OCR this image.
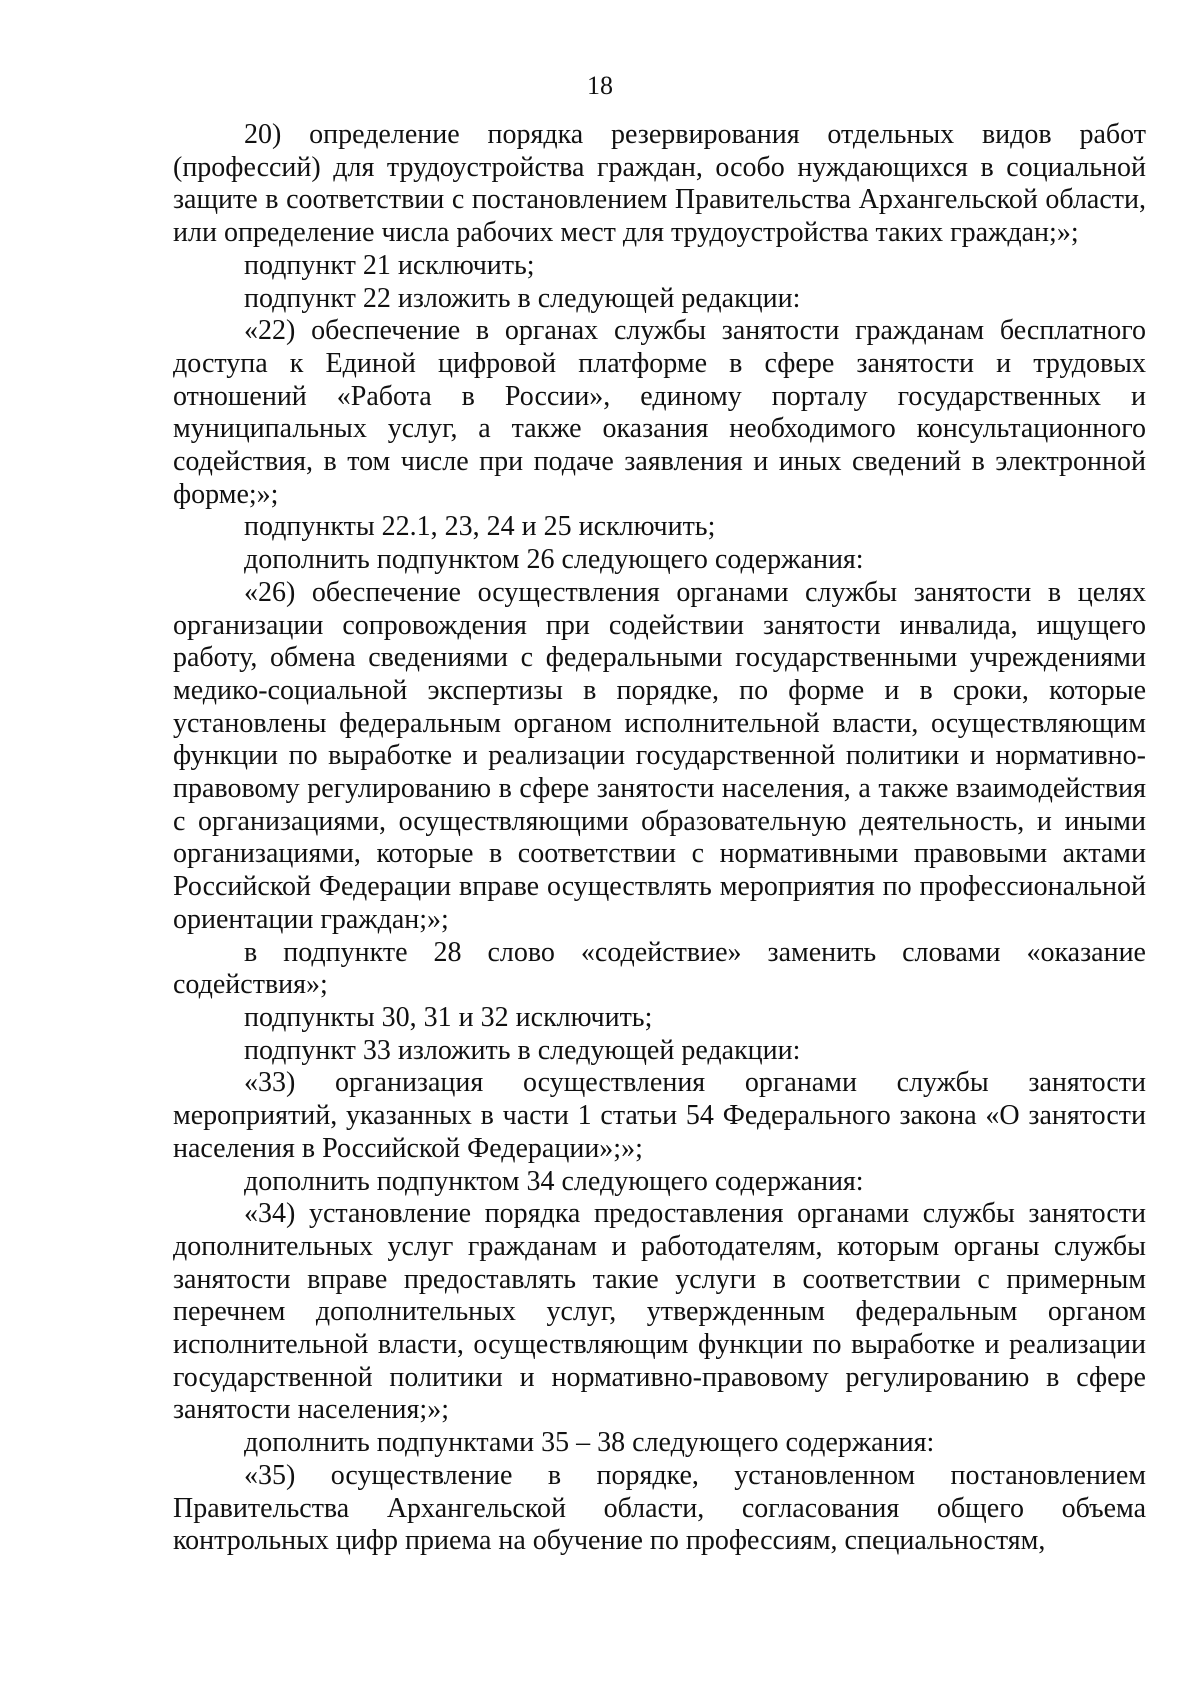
18

20) определение порядка резервирования отдельных видов работ (профессий) для трудоустройства граждан, особо нуждающихся в социальной защите в соответствии с постановлением Правительства Архангельской области, или определение числа рабочих мест для трудоустройства таких граждан;»;

подпункт 21 исключить;

подпункт 22 изложить в следующей редакции:

«22) обеспечение в органах службы занятости гражданам бесплатного доступа к Единой цифровой платформе в сфере занятости и трудовых отношений «Работа в России», единому порталу государственных и муниципальных услуг, а также оказания необходимого консультационного содействия, в том числе при подаче заявления и иных сведений в электронной форме;»;

подпункты 22.1, 23, 24 и 25 исключить;

дополнить подпунктом 26 следующего содержания:

«26) обеспечение осуществления органами службы занятости в целях организации сопровождения при содействии занятости инвалида, ищущего работу, обмена сведениями с федеральными государственными учреждениями медико-социальной экспертизы в порядке, по форме и в сроки, которые установлены федеральным органом исполнительной власти, осуществляющим функции по выработке и реализации государственной политики и нормативно-правовому регулированию в сфере занятости населения, а также взаимодействия с организациями, осуществляющими образовательную деятельность, и иными организациями, которые в соответствии с нормативными правовыми актами Российской Федерации вправе осуществлять мероприятия по профессиональной ориентации граждан;»;

в подпункте 28 слово «содействие» заменить словами «оказание содействия»;

подпункты 30, 31 и 32 исключить;

подпункт 33 изложить в следующей редакции:

«33) организация осуществления органами службы занятости мероприятий, указанных в части 1 статьи 54 Федерального закона «О занятости населения в Российской Федерации»;»;

дополнить подпунктом 34 следующего содержания:

«34) установление порядка предоставления органами службы занятости дополнительных услуг гражданам и работодателям, которым органы службы занятости вправе предоставлять такие услуги в соответствии с примерным перечнем дополнительных услуг, утвержденным федеральным органом исполнительной власти, осуществляющим функции по выработке и реализации государственной политики и нормативно-правовому регулированию в сфере занятости населения;»;

дополнить подпунктами 35 – 38 следующего содержания:

«35) осуществление в порядке, установленном постановлением Правительства Архангельской области, согласования общего объема контрольных цифр приема на обучение по профессиям, специальностям,
